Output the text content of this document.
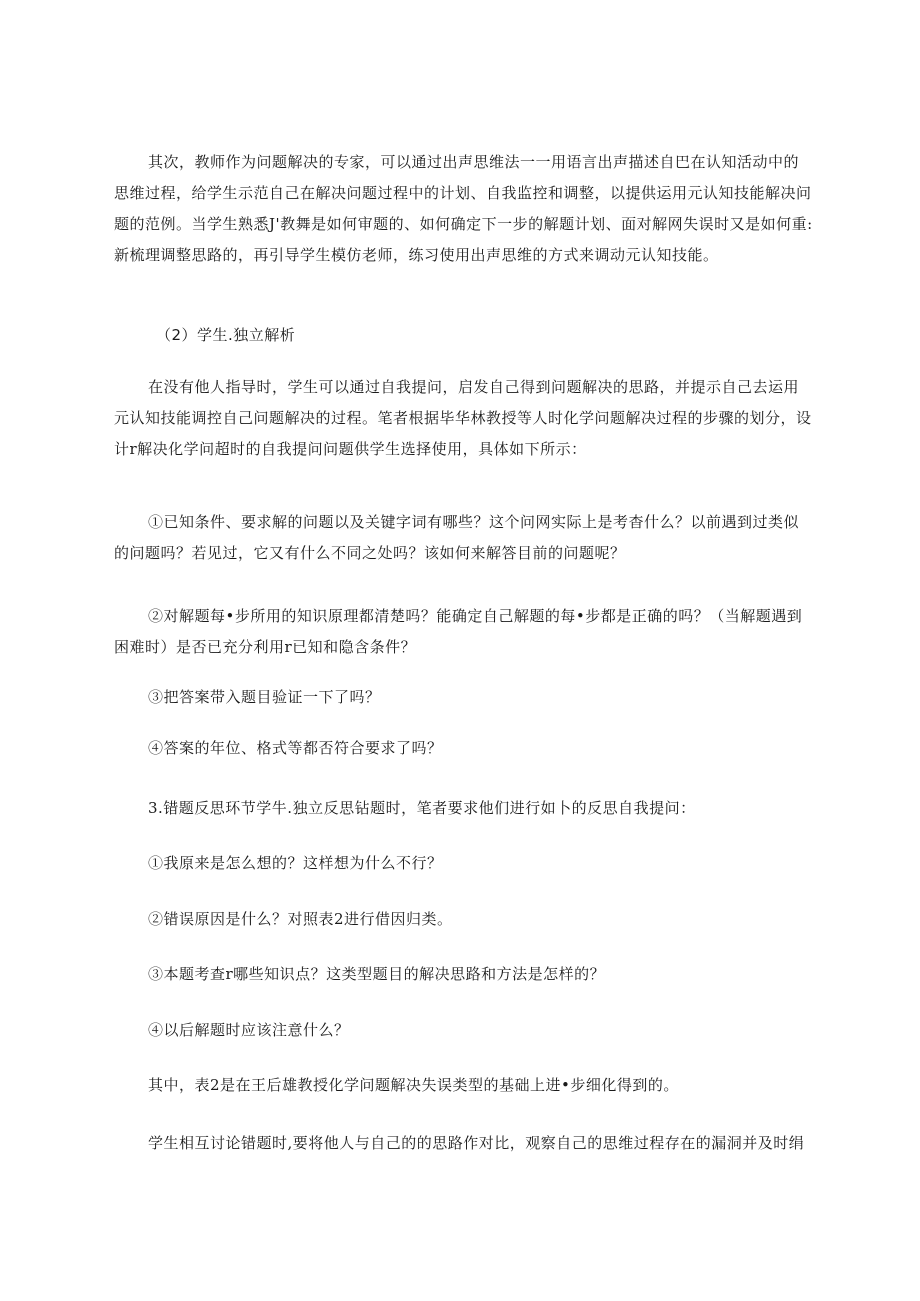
其次，教师作为问题解决的专家，可以通过出声思维法一一用语言出声描述自巴在认知活动中的思维过程，给学生示范自己在解决问题过程中的计划、自我监控和调整，以提供运用元认知技能解决问题的范例。当学生熟悉J'教舞是如何审题的、如何确定下一步的解题计划、面对解网失误时又是如何重:新梳理调整思路的，再引导学生模仿老师，练习使用出声思维的方式来调动元认知技能。

（2）学生.独立解析

在没有他人指导时，学生可以通过自我提问，启发自己得到问题解决的思路，并提示自己去运用元认知技能调控自己问题解决的过程。笔者根据毕华林教授等人时化学问题解决过程的步骤的划分，设计r解决化学问超时的自我提问问题供学生选择使用，具体如下所示：

①已知条件、要求解的问题以及关键字词有哪些？这个问网实际上是考杳什么？以前遇到过类似的问题吗？若见过，它又有什么不同之处吗？该如何来解答目前的问题呢？

②对解题每•步所用的知识原理都清楚吗？能确定自己解题的每•步都是正确的吗？（当解题遇到困难时）是否已充分利用r已知和隐含条件？

③把答案带入题目验证一下了吗？

④答案的年位、格式等都否符合要求了吗？

3.错题反思环节学牛.独立反思钻题时，笔者要求他们进行如卜的反思自我提问：

①我原来是怎么想的？这样想为什么不行？

②错误原因是什么？对照表2进行借因归类。

③本题考查r哪些知识点？这类型题目的解决思路和方法是怎样的？

④以后解题时应该注意什么？

其中，表2是在王后雄教授化学问题解决失误类型的基础上进•步细化得到的。

学生相互讨论错题时,要将他人与自己的的思路作对比，观察自己的思维过程存在的漏洞并及时绢
